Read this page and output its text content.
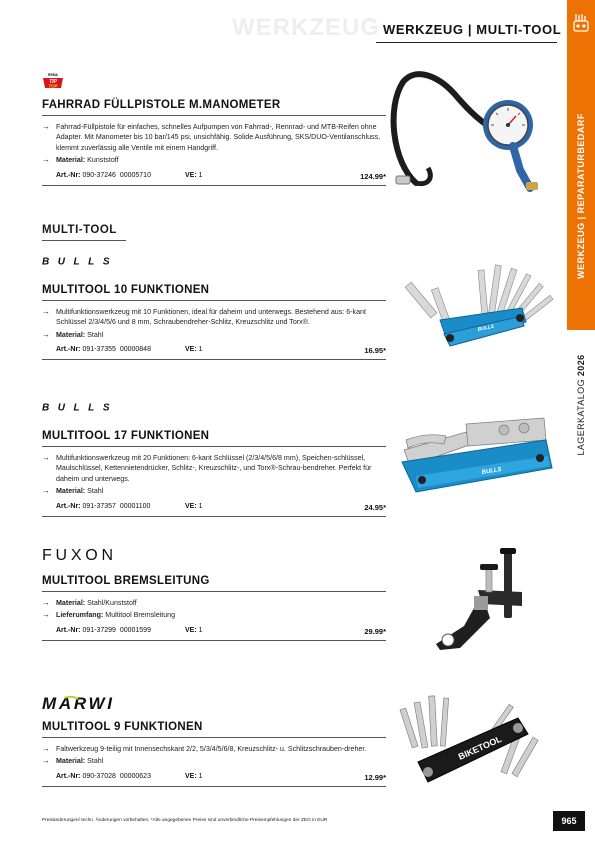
WERKZEUG WERKZEUG | MULTI-TOOL
WERKZEUG | REPARATURBEDARF
LAGERKATALOG 2026
REMA
TIP
TOP
FAHRRAD FÜLLPISTOLE M.MANOMETER
→ Fahrrad-Füllpistole für einfaches, schnelles Aufpumpen von Fahrrad-, Rennrad- und MTB-Reifen ohne Adapter. Mit Manometer bis 10 bar/145 psi, unsichfähig. Solide Ausführung, SKS/DUO-Ventilanschluss, klemmt zuverlässig alle Ventile mit einem Handgriff.
→ Material: Kunststoff
Art.-Nr: 090-37246 00005710	VE: 1	124.99*
MULTI-TOOL
BULLS
MULTITOOL 10 FUNKTIONEN
→ Multifunktionswerkzeug mit 10 Funktionen, ideal für daheim und unterwegs. Bestehend aus: 6-kant Schlüssel 2/3/4/5/6 und 8 mm, Schraubendreher-Schlitz, Kreuzschlitz und Torx®.
→ Material: Stahl
Art.-Nr: 091-37355 00000848	VE: 1	16.95*
BULLS
BULLS
MULTITOOL 17 FUNKTIONEN
→ Multifunktionswerkzeug mit 20 Funktionen: 6-kant Schlüssel (2/3/4/5/6/8 mm), Speichen-schlüssel, Maulschlüssel, Kettennietendrücker, Schlitz-, Kreuzschlitz-, und Torx®-Schrau-bendreher. Perfekt für daheim und unterwegs.
→ Material: Stahl
Art.-Nr: 091-37357 00001100	VE: 1	24.95*
BULLS
FUXON
MULTITOOL BREMSLEITUNG
→ Material: Stahl/Kunststoff
→ Lieferumfang: Multitool Bremsleitung
Art.-Nr: 091-37299 00001599	VE: 1	29.99*
MARWI
MULTITOOL 9 FUNKTIONEN
→ Faltwerkzeug 9-teilig mit Innensechskant 2/2, 5/3/4/5/6/8, Kreuzschlitz- u. Schlitzschrauben-dreher.
→ Material: Stahl
Art.-Nr: 090-37028 00000623	VE: 1	12.99*
BIKETOOL
Preisänderungen/ techn. Änderungen vorbehalten. *Alle angegebenen Preise sind unverbindliche Preisempfehlungen der ZEG in EUR	965
